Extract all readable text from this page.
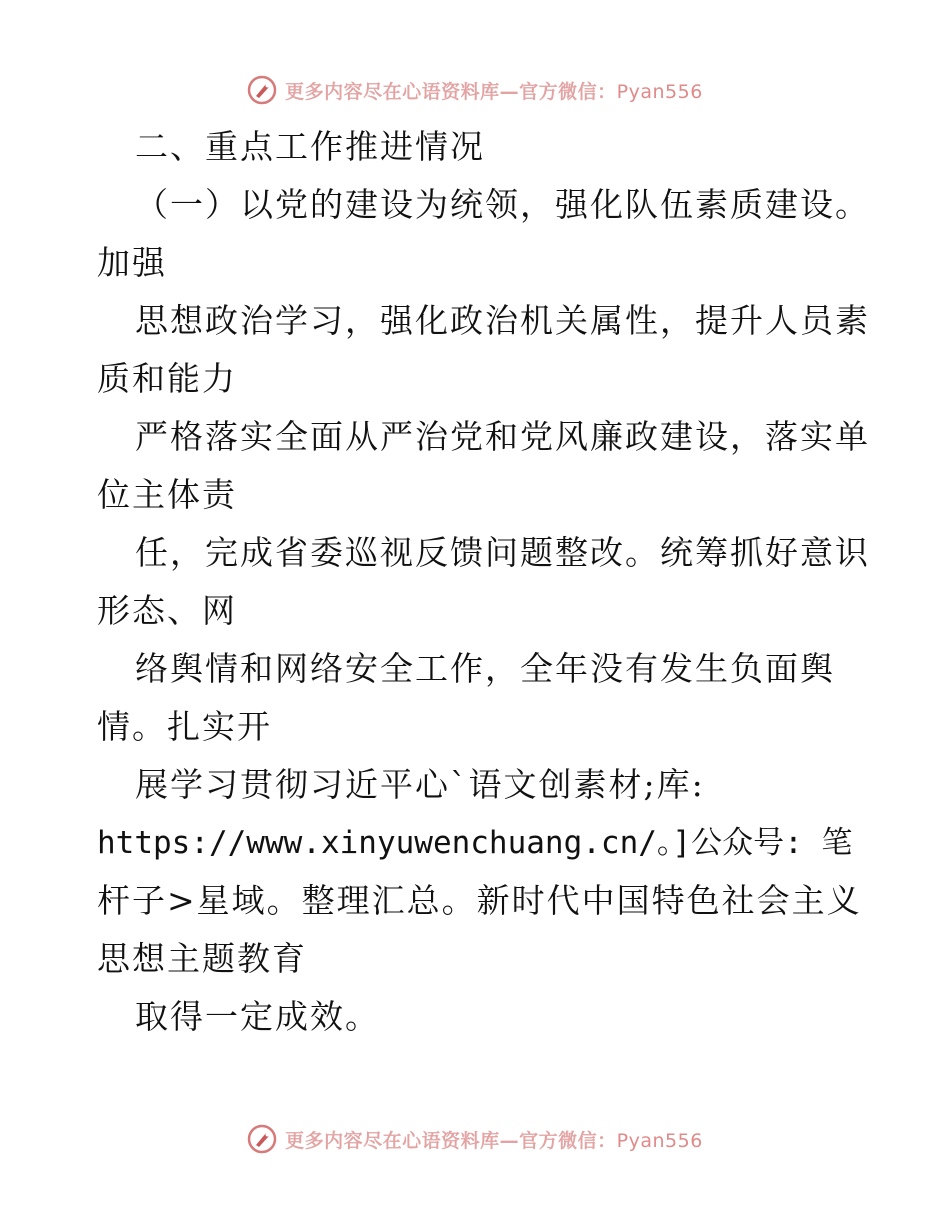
更多内容尽在心语资料库—官方微信：Pyan556
二、重点工作推进情况
（一）以党的建设为统领，强化队伍素质建设。
加强
思想政治学习，强化政治机关属性，提升人员素
质和能力
严格落实全面从严治党和党风廉政建设，落实单
位主体责
任，完成省委巡视反馈问题整改。统筹抓好意识
形态、网
络舆情和网络安全工作，全年没有发生负面舆
情。扎实开
展学习贯彻习近平心`语文创素材;库:
https://www.xinyuwenchuang.cn/。]公众号: 笔
杆子>星域。整理汇总。新时代中国特色社会主义
思想主题教育
取得一定成效。
更多内容尽在心语资料库—官方微信：Pyan556
